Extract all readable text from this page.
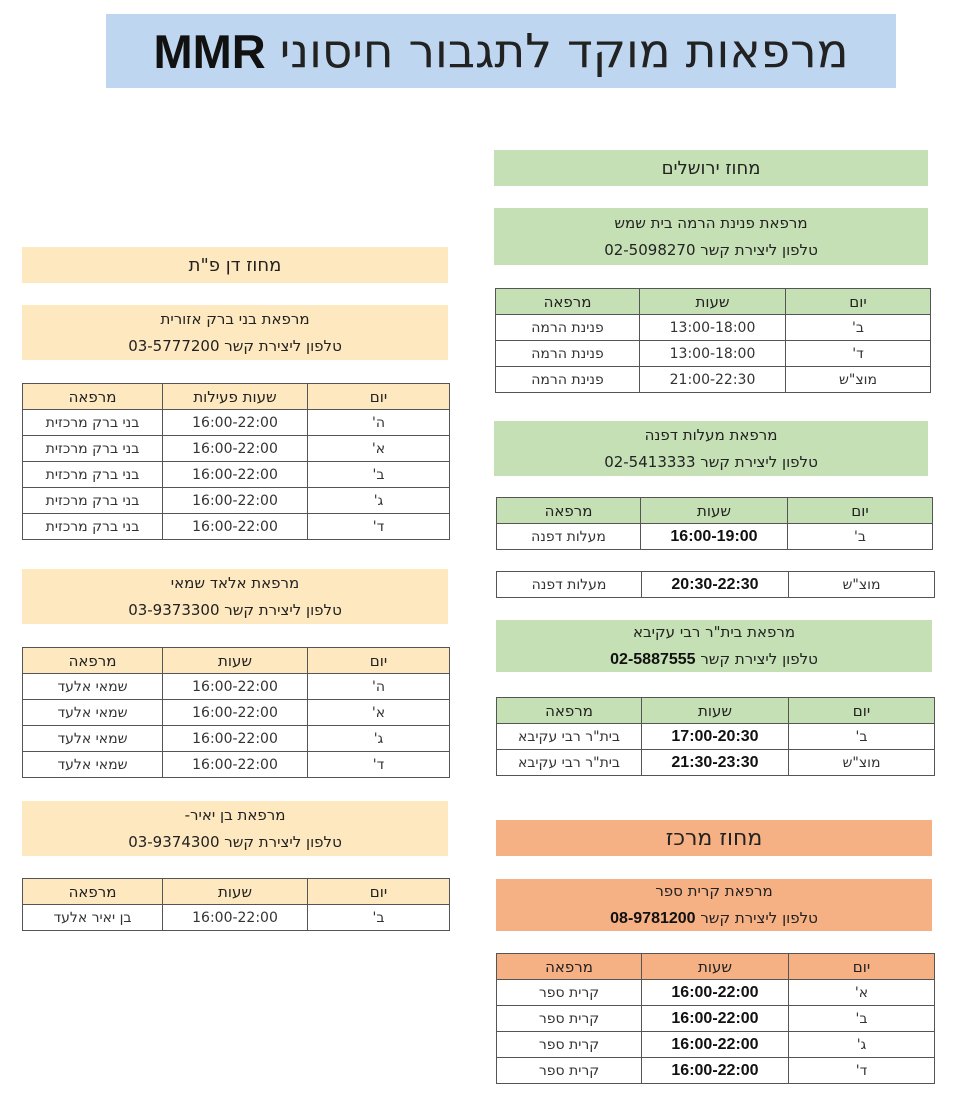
מרפאות מוקד לתגבור חיסוני
MMR
מחוז ירושלים
מרפאת פנינת הרמה בית שמש
טלפון ליצירת קשר 02-5098270
יום	שעות	מרפאה
ב'	13:00-18:00	פנינת הרמה
ד'	13:00-18:00	פנינת הרמה
מוצ"ש	21:00-22:30	פנינת הרמה
מרפאת מעלות דפנה
טלפון ליצירת קשר 02-5413333
יום	שעות	מרפאה
ב'	16:00-19:00	מעלות דפנה
מוצ"ש	20:30-22:30	מעלות דפנה
מרפאת בית"ר רבי עקיבא
טלפון ליצירת קשר 02-5887555
יום	שעות	מרפאה
ב'	17:00-20:30	בית"ר רבי עקיבא
מוצ"ש	21:30-23:30	בית"ר רבי עקיבא
מחוז מרכז
מרפאת קרית ספר
טלפון ליצירת קשר 08-9781200
יום	שעות	מרפאה
א'	16:00-22:00	קרית ספר
ב'	16:00-22:00	קרית ספר
ג'	16:00-22:00	קרית ספר
ד'	16:00-22:00	קרית ספר
מחוז דן פ"ת
מרפאת בני ברק אזורית
טלפון ליצירת קשר 03-5777200
יום	שעות פעילות	מרפאה
ה'	16:00-22:00	בני ברק מרכזית
א'	16:00-22:00	בני ברק מרכזית
ב'	16:00-22:00	בני ברק מרכזית
ג'	16:00-22:00	בני ברק מרכזית
ד'	16:00-22:00	בני ברק מרכזית
מרפאת אלאד שמאי
טלפון ליצירת קשר 03-9373300
יום	שעות	מרפאה
ה'	16:00-22:00	שמאי אלעד
א'	16:00-22:00	שמאי אלעד
ג'	16:00-22:00	שמאי אלעד
ד'	16:00-22:00	שמאי אלעד
מרפאת בן יאיר-
טלפון ליצירת קשר 03-9374300
יום	שעות	מרפאה
ב'	16:00-22:00	בן יאיר אלעד
